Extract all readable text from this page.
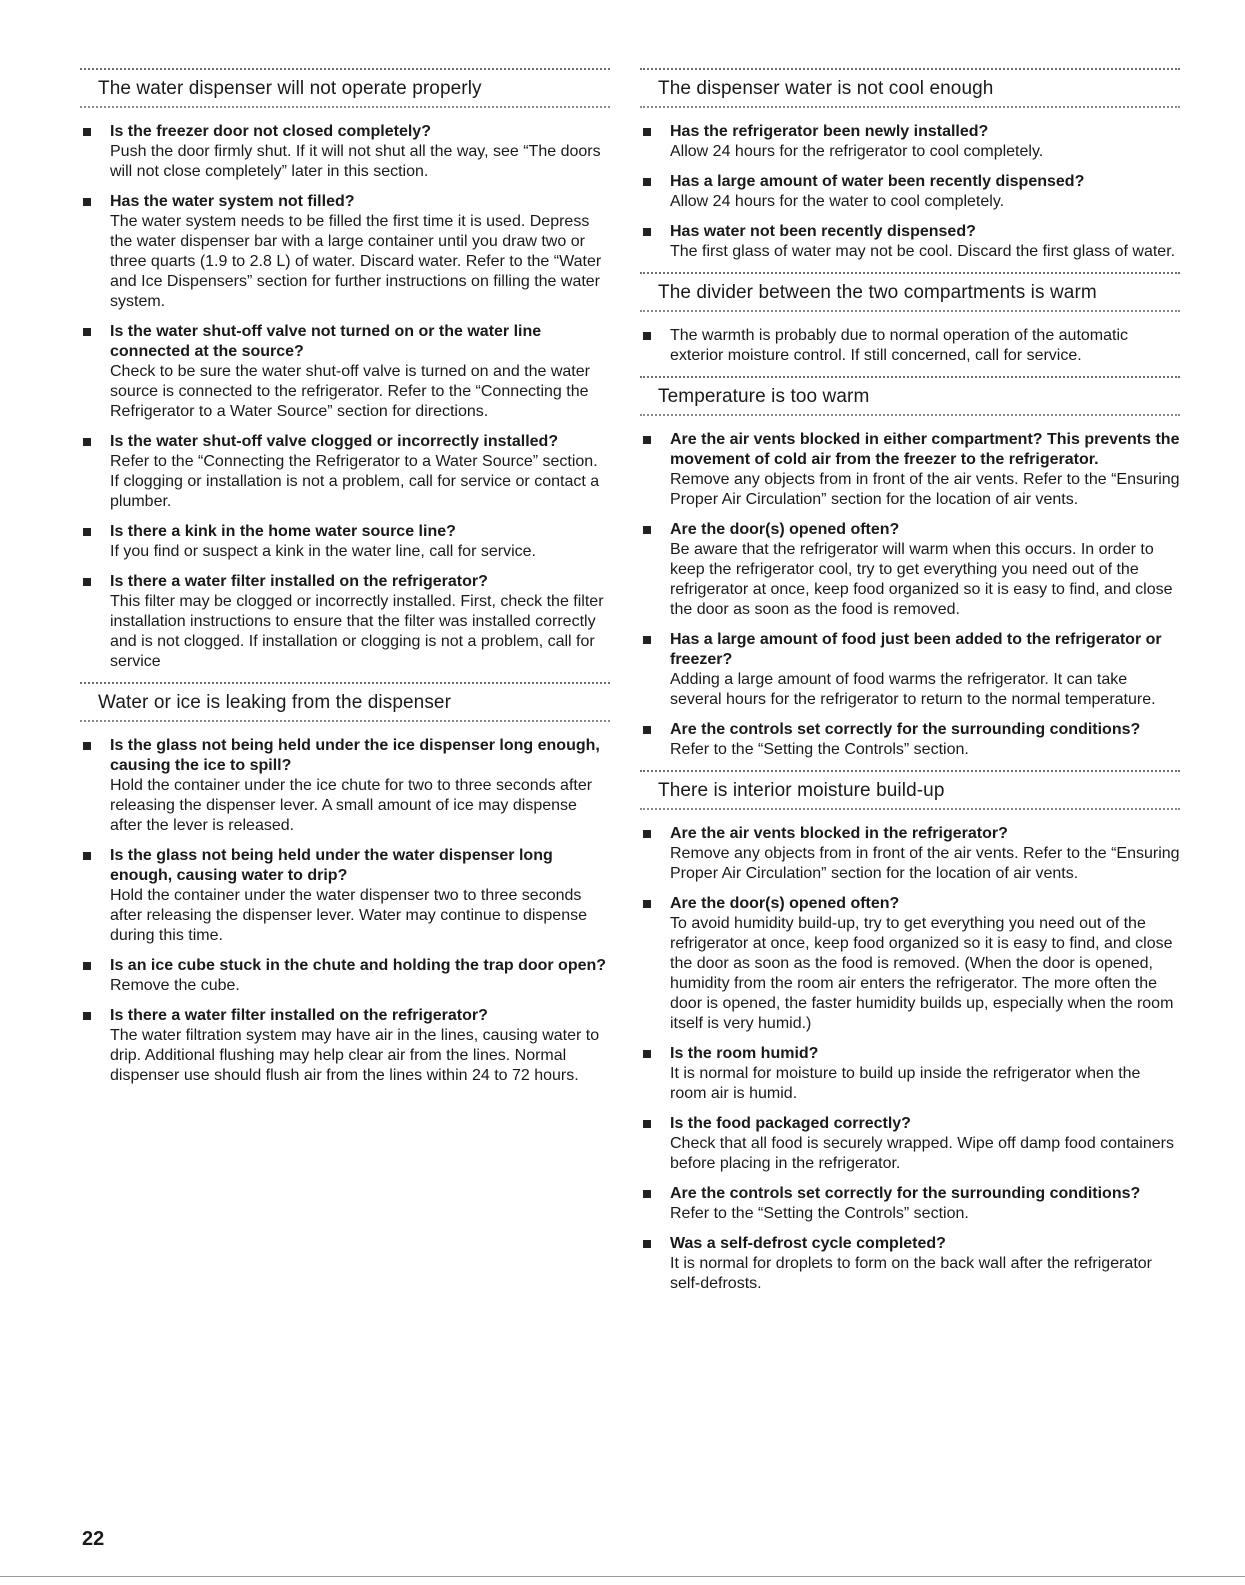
The water dispenser will not operate properly
Is the freezer door not closed completely?
Push the door firmly shut. If it will not shut all the way, see “The doors will not close completely” later in this section.
Has the water system not filled?
The water system needs to be filled the first time it is used. Depress the water dispenser bar with a large container until you draw two or three quarts (1.9 to 2.8 L) of water. Discard water. Refer to the “Water and Ice Dispensers” section for further instructions on filling the water system.
Is the water shut-off valve not turned on or the water line connected at the source?
Check to be sure the water shut-off valve is turned on and the water source is connected to the refrigerator. Refer to the “Connecting the Refrigerator to a Water Source” section for directions.
Is the water shut-off valve clogged or incorrectly installed?
Refer to the “Connecting the Refrigerator to a Water Source” section. If clogging or installation is not a problem, call for service or contact a plumber.
Is there a kink in the home water source line?
If you find or suspect a kink in the water line, call for service.
Is there a water filter installed on the refrigerator?
This filter may be clogged or incorrectly installed. First, check the filter installation instructions to ensure that the filter was installed correctly and is not clogged. If installation or clogging is not a problem, call for service
Water or ice is leaking from the dispenser
Is the glass not being held under the ice dispenser long enough, causing the ice to spill?
Hold the container under the ice chute for two to three seconds after releasing the dispenser lever. A small amount of ice may dispense after the lever is released.
Is the glass not being held under the water dispenser long enough, causing water to drip?
Hold the container under the water dispenser two to three seconds after releasing the dispenser lever. Water may continue to dispense during this time.
Is an ice cube stuck in the chute and holding the trap door open?
Remove the cube.
Is there a water filter installed on the refrigerator?
The water filtration system may have air in the lines, causing water to drip. Additional flushing may help clear air from the lines. Normal dispenser use should flush air from the lines within 24 to 72 hours.
The dispenser water is not cool enough
Has the refrigerator been newly installed?
Allow 24 hours for the refrigerator to cool completely.
Has a large amount of water been recently dispensed?
Allow 24 hours for the water to cool completely.
Has water not been recently dispensed?
The first glass of water may not be cool. Discard the first glass of water.
The divider between the two compartments is warm
The warmth is probably due to normal operation of the automatic exterior moisture control. If still concerned, call for service.
Temperature is too warm
Are the air vents blocked in either compartment? This prevents the movement of cold air from the freezer to the refrigerator.
Remove any objects from in front of the air vents. Refer to the “Ensuring Proper Air Circulation” section for the location of air vents.
Are the door(s) opened often?
Be aware that the refrigerator will warm when this occurs. In order to keep the refrigerator cool, try to get everything you need out of the refrigerator at once, keep food organized so it is easy to find, and close the door as soon as the food is removed.
Has a large amount of food just been added to the refrigerator or freezer?
Adding a large amount of food warms the refrigerator. It can take several hours for the refrigerator to return to the normal temperature.
Are the controls set correctly for the surrounding conditions?
Refer to the “Setting the Controls” section.
There is interior moisture build-up
Are the air vents blocked in the refrigerator?
Remove any objects from in front of the air vents. Refer to the “Ensuring Proper Air Circulation” section for the location of air vents.
Are the door(s) opened often?
To avoid humidity build-up, try to get everything you need out of the refrigerator at once, keep food organized so it is easy to find, and close the door as soon as the food is removed. (When the door is opened, humidity from the room air enters the refrigerator. The more often the door is opened, the faster humidity builds up, especially when the room itself is very humid.)
Is the room humid?
It is normal for moisture to build up inside the refrigerator when the room air is humid.
Is the food packaged correctly?
Check that all food is securely wrapped. Wipe off damp food containers before placing in the refrigerator.
Are the controls set correctly for the surrounding conditions?
Refer to the “Setting the Controls” section.
Was a self-defrost cycle completed?
It is normal for droplets to form on the back wall after the refrigerator self-defrosts.
22
